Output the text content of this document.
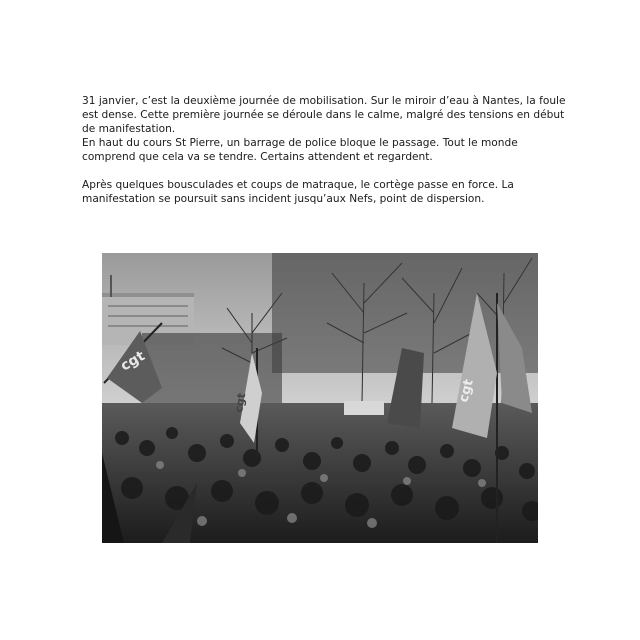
31 janvier, c’est la deuxième journée de mobilisation. Sur le miroir d’eau à Nantes, la foule est dense. Cette première journée se déroule dans le calme, malgré des tensions en début de manifestation.

En haut du cours St Pierre, un barrage de police bloque le passage. Tout le monde comprend que cela va se tendre. Certains attendent et regardent.

Après quelques bousculades et coups de matraque, le cortège passe en force. La manifestation se poursuit sans incident jusqu’aux Nefs, point de dispersion.

cgt
cgt	cgt
